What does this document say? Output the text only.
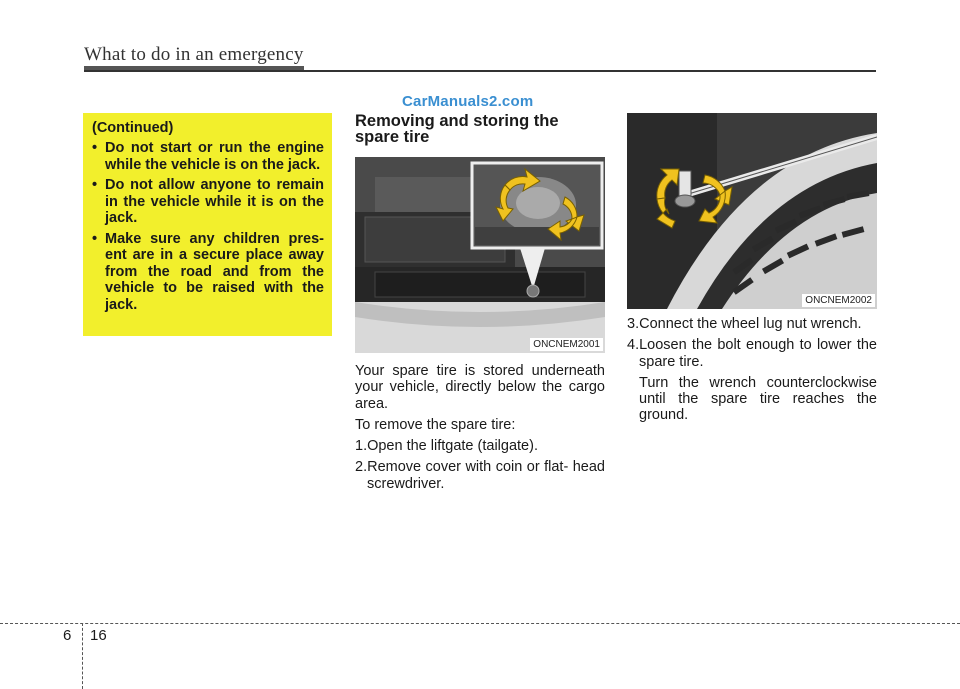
What to do in an emergency
CarManuals2.com
(Continued)
• Do not start or run the engine while the vehicle is on the jack.
• Do not allow anyone to remain in the vehicle while it is on the jack.
• Make sure any children pres- ent are in a secure place away from the road and from the vehicle to be raised with the jack.
Removing and storing the
spare tire
ONCNEM2001
ONCNEM2002

Your spare tire is stored underneath your vehicle, directly below the cargo area.

To remove the spare tire:

1.Open the liftgate (tailgate).

2.Remove cover with coin or flat- head screwdriver.

3.Connect the wheel lug nut wrench.

4.Loosen the bolt enough to lower the spare tire.

Turn the wrench counterclockwise until the spare tire reaches the ground.

6 16
